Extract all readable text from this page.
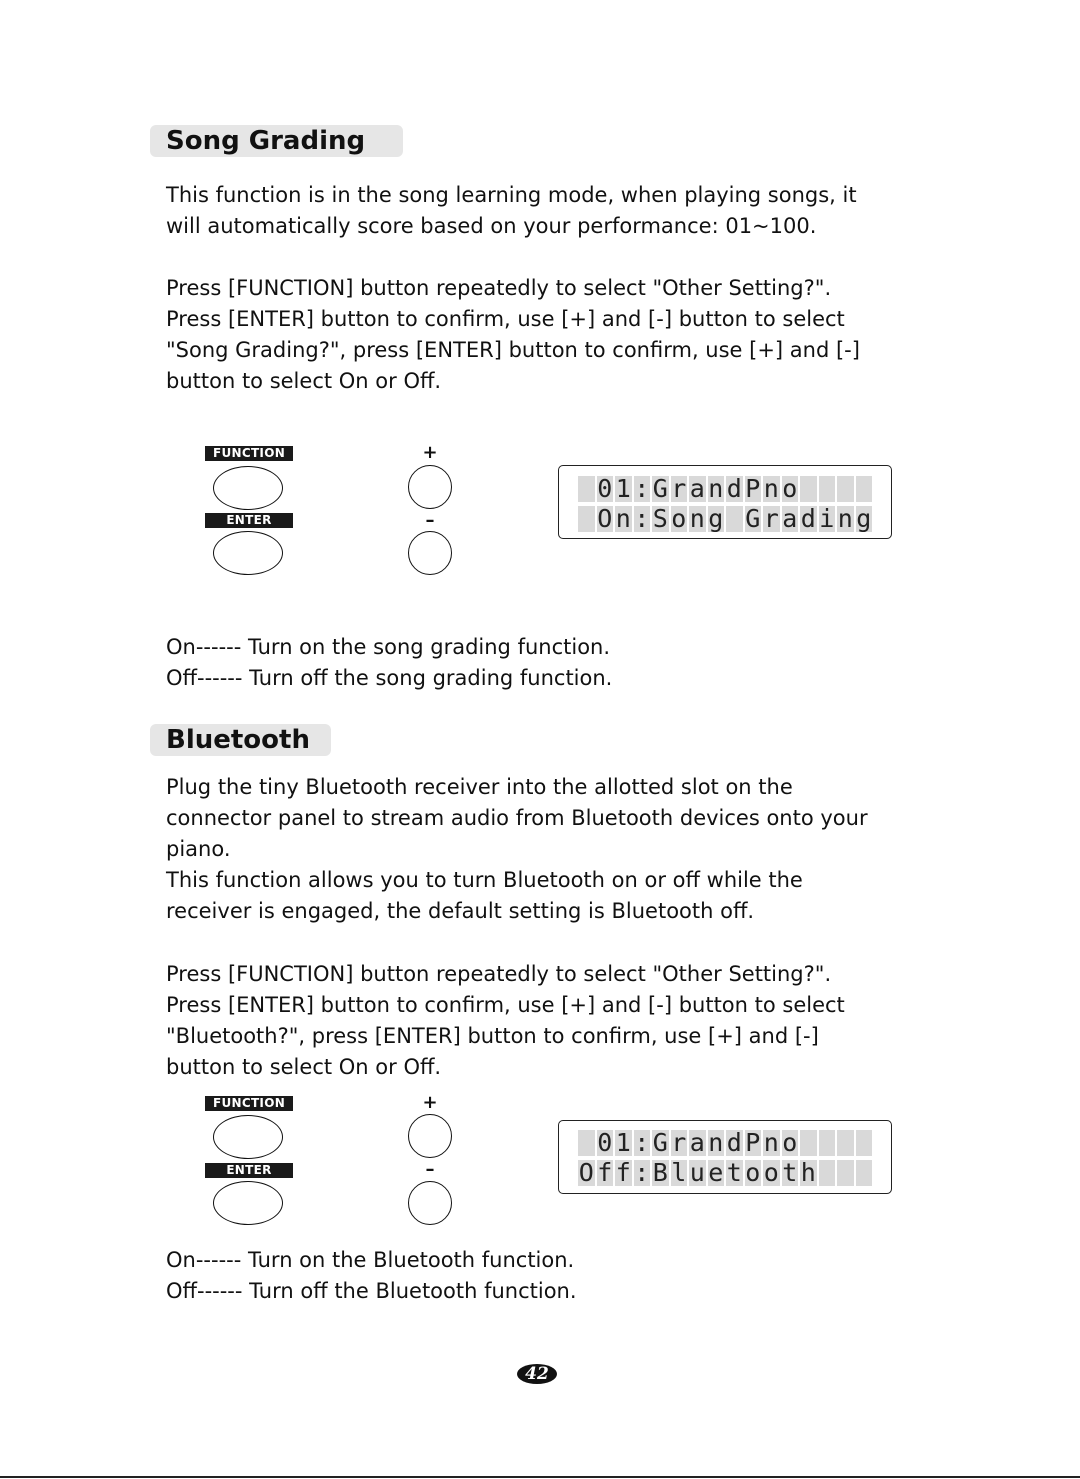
Song Grading

This function is in the song learning mode, when playing songs, it

will automatically score based on your performance: 01~100.

Press [FUNCTION] button repeatedly to select "Other Setting?".

Press [ENTER] button to confirm, use [+] and [-] button to select

"Song Grading?", press [ENTER] button to confirm, use [+] and [-]

button to select On or Off.

FUNCTION
ENTER
+
–

0 1 : G r a n d P n o

O n : S o n g
G r a d i n g

On------ Turn on the song grading function.

Off------ Turn off the song grading function.

Bluetooth

Plug the tiny Bluetooth receiver into the allotted slot on the

connector panel to stream audio from Bluetooth devices onto your

piano.

This function allows you to turn Bluetooth on or off while the

receiver is engaged, the default setting is Bluetooth off.

Press [FUNCTION] button repeatedly to select "Other Setting?".

Press [ENTER] button to confirm, use [+] and [-] button to select

"Bluetooth?", press [ENTER] button to confirm, use [+] and [-]

button to select On or Off.

FUNCTION
ENTER
+
–

0 1 : G r a n d P n o

O f f : B l u e t o o t h

On------ Turn on the Bluetooth function.

Off------ Turn off the Bluetooth function.

42
